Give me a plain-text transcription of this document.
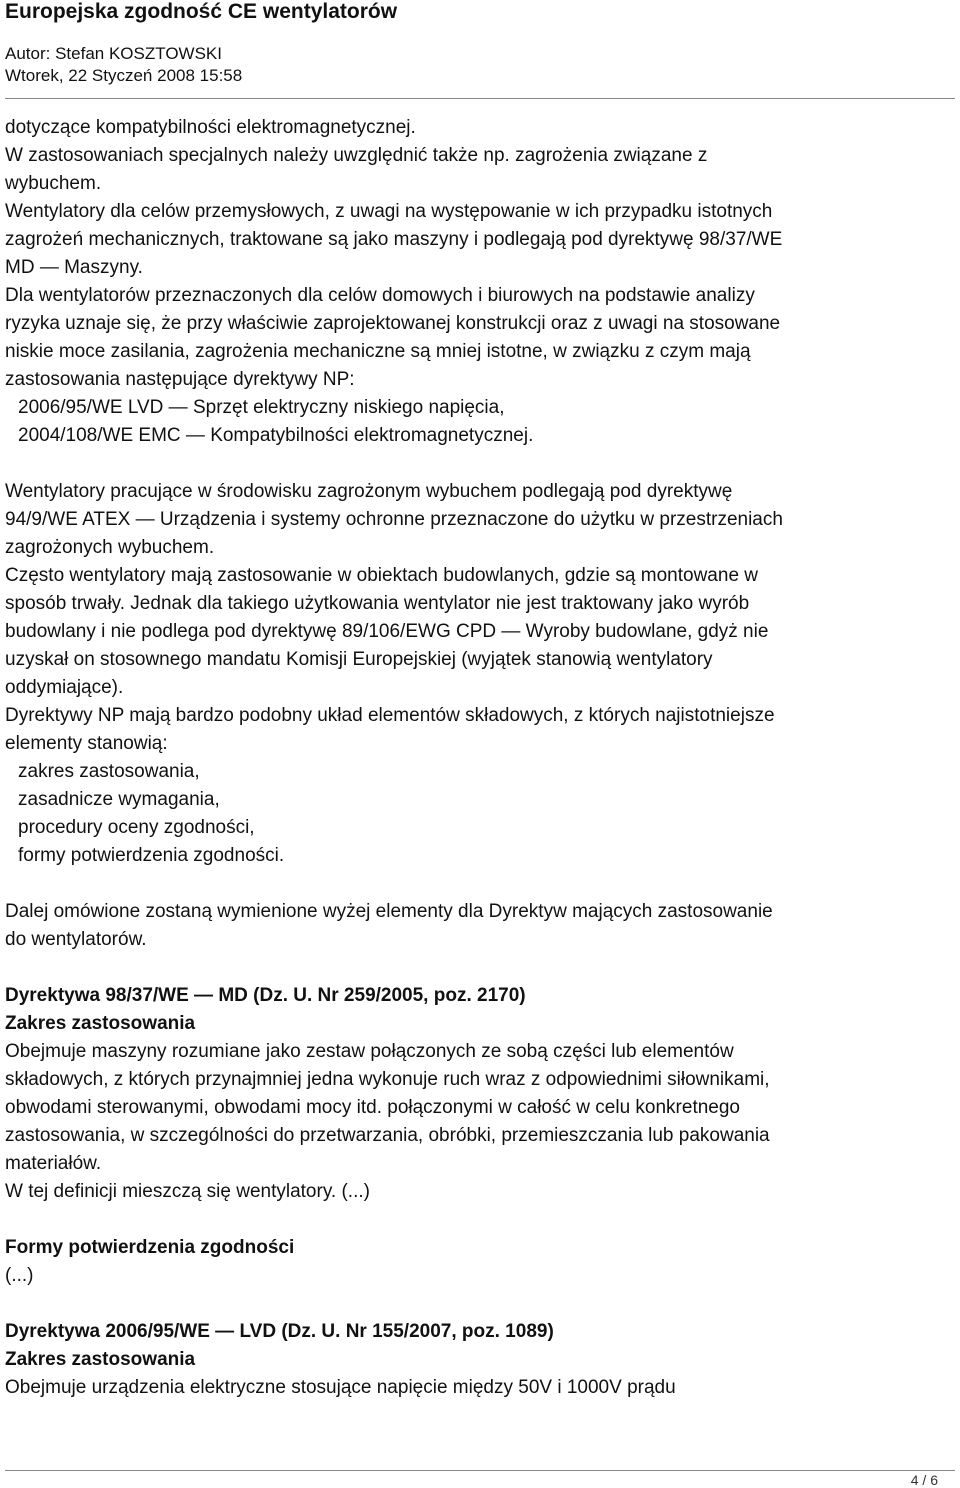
Europejska zgodność CE wentylatorów
Autor: Stefan KOSZTOWSKI
Wtorek, 22 Styczeń 2008 15:58
dotyczące kompatybilności elektromagnetycznej.
W zastosowaniach specjalnych należy uwzględnić także np. zagrożenia związane z
wybuchem.
Wentylatory dla celów przemysłowych, z uwagi na występowanie w ich przypadku istotnych
zagrożeń mechanicznych, traktowane są jako maszyny i podlegają pod dyrektywę 98/37/WE
MD — Maszyny.
Dla wentylatorów przeznaczonych dla celów domowych i biurowych na podstawie analizy
ryzyka uznaje się, że przy właściwie zaprojektowanej konstrukcji oraz z uwagi na stosowane
niskie moce zasilania, zagrożenia mechaniczne są mniej istotne, w związku z czym mają
zastosowania następujące dyrektywy NP:
2006/95/WE LVD — Sprzęt elektryczny niskiego napięcia,
2004/108/WE EMC — Kompatybilności elektromagnetycznej.
Wentylatory pracujące w środowisku zagrożonym wybuchem podlegają pod dyrektywę
94/9/WE ATEX — Urządzenia i systemy ochronne przeznaczone do użytku w przestrzeniach
zagrożonych wybuchem.
Często wentylatory mają zastosowanie w obiektach budowlanych, gdzie są montowane w
sposób trwały. Jednak dla takiego użytkowania wentylator nie jest traktowany jako wyrób
budowlany i nie podlega pod dyrektywę 89/106/EWG CPD — Wyroby budowlane, gdyż nie
uzyskał on stosownego mandatu Komisji Europejskiej (wyjątek stanowią wentylatory
oddymiające).
Dyrektywy NP mają bardzo podobny układ elementów składowych, z których najistotniejsze
elementy stanowią:
zakres zastosowania,
zasadnicze wymagania,
procedury oceny zgodności,
formy potwierdzenia zgodności.
Dalej omówione zostaną wymienione wyżej elementy dla Dyrektyw mających zastosowanie
do wentylatorów.
Dyrektywa 98/37/WE — MD (Dz. U. Nr 259/2005, poz. 2170)
Zakres zastosowania
Obejmuje maszyny rozumiane jako zestaw połączonych ze sobą części lub elementów
składowych, z których przynajmniej jedna wykonuje ruch wraz z odpowiednimi siłownikami,
obwodami sterowanymi, obwodami mocy itd. połączonymi w całość w celu konkretnego
zastosowania, w szczególności do przetwarzania, obróbki, przemieszczania lub pakowania
materiałów.
W tej definicji mieszczą się wentylatory. (...)
Formy potwierdzenia zgodności
(...)
Dyrektywa 2006/95/WE — LVD (Dz. U. Nr 155/2007, poz. 1089)
Zakres zastosowania
Obejmuje urządzenia elektryczne stosujące napięcie między 50V i 1000V prądu
4 / 6
